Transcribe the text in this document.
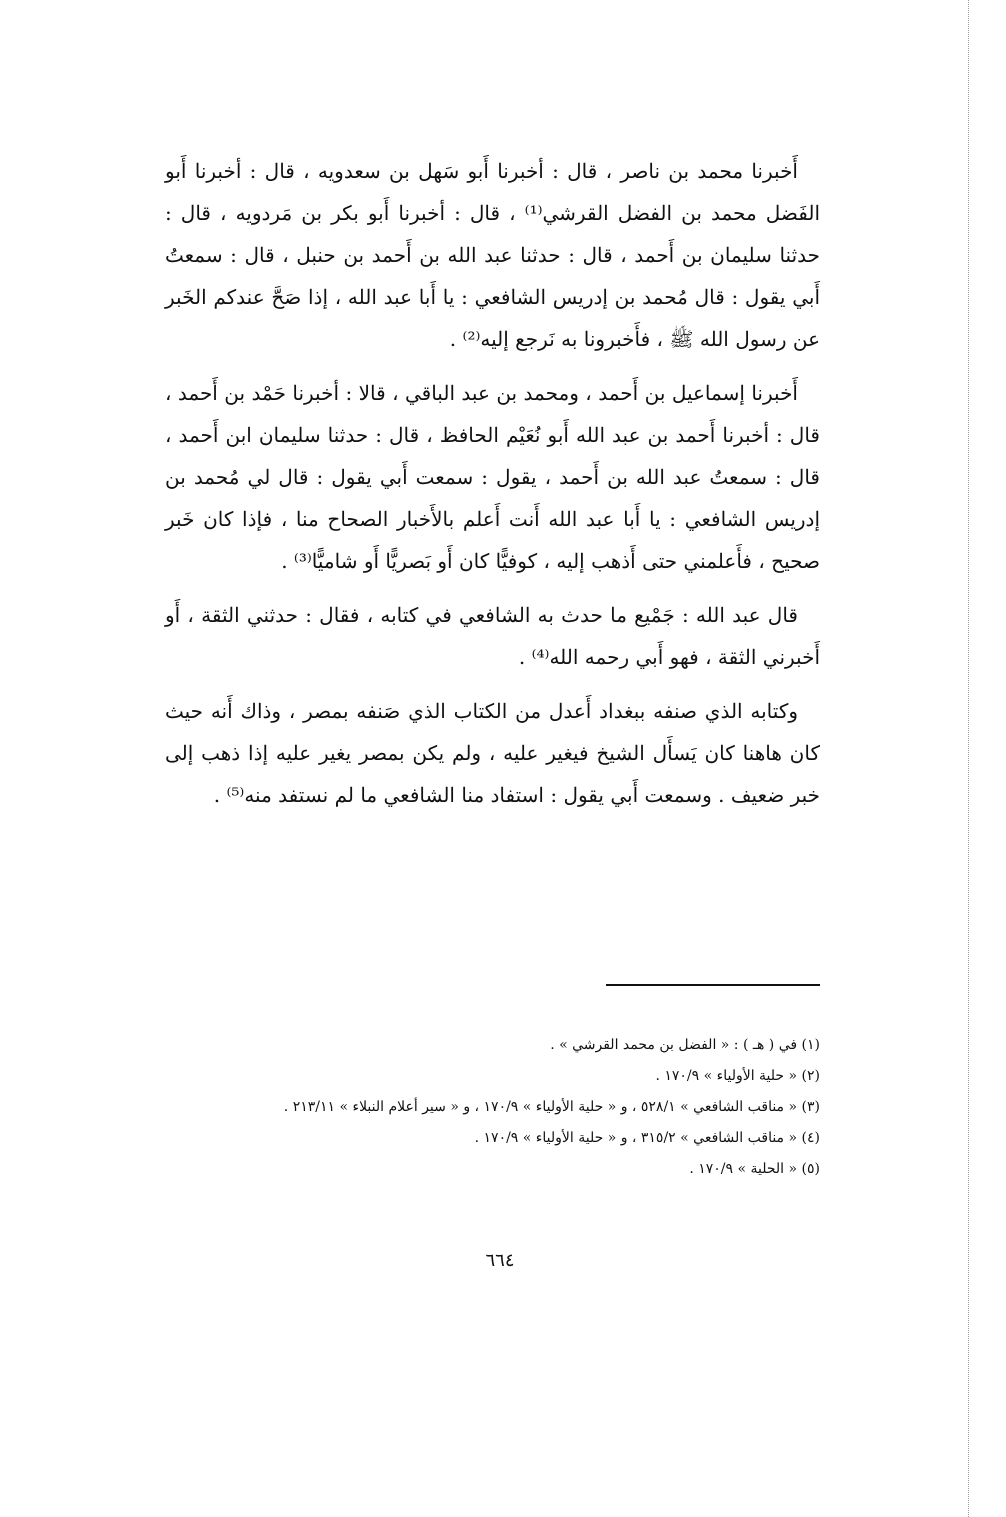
أَخبرنا محمد بن ناصر ، قال : أخبرنا أَبو سَهل بن سعدويه ، قال : أخبرنا أَبو الفَضل محمد بن الفضل القرشي⁽¹⁾ ، قال : أخبرنا أَبو بكر بن مَردويه ، قال : حدثنا سليمان بن أَحمد ، قال : حدثنا عبد الله بن أَحمد بن حنبل ، قال : سمعتُ أَبي يقول : قال مُحمد بن إدريس الشافعي : يا أَبا عبد الله ، إذا صَحَّ عندكم الخَبر عن رسول الله ﷺ ، فأَخبرونا به نَرجع إليه⁽²⁾ .

أَخبرنا إسماعيل بن أَحمد ، ومحمد بن عبد الباقي ، قالا : أخبرنا حَمْد بن أَحمد ، قال : أخبرنا أَحمد بن عبد الله أَبو نُعَيْم الحافظ ، قال : حدثنا سليمان ابن أَحمد ، قال : سمعتُ عبد الله بن أَحمد ، يقول : سمعت أَبي يقول : قال لي مُحمد بن إدريس الشافعي : يا أَبا عبد الله أَنت أَعلم بالأَخبار الصحاح منا ، فإذا كان خَبر صحيح ، فأَعلمني حتى أَذهب إليه ، كوفيًّا كان أَو بَصريًّا أَو شاميًّا⁽³⁾ .

قال عبد الله : جَمْيع ما حدث به الشافعي في كتابه ، فقال : حدثني الثقة ، أَو أَخبرني الثقة ، فهو أَبي رحمه الله⁽⁴⁾ .

وكتابه الذي صنفه ببغداد أَعدل من الكتاب الذي صَنفه بمصر ، وذاك أَنه حيث كان هاهنا كان يَسأَل الشيخ فيغير عليه ، ولم يكن بمصر يغير عليه إذا ذهب إلى خبر ضعيف . وسمعت أَبي يقول : استفاد منا الشافعي ما لم نستفد منه⁽⁵⁾ .

(١) في ( هـ ) : « الفضل بن محمد القرشي » .
(٢) « حلية الأولياء » ١٧٠/٩ .
(٣) « مناقب الشافعي » ٥٢٨/١ ، و « حلية الأولياء » ١٧٠/٩ ، و « سير أعلام النبلاء » ٢١٣/١١ .
(٤) « مناقب الشافعي » ٣١٥/٢ ، و « حلية الأولياء » ١٧٠/٩ .
(٥) « الحلية » ١٧٠/٩ .
٦٦٤
